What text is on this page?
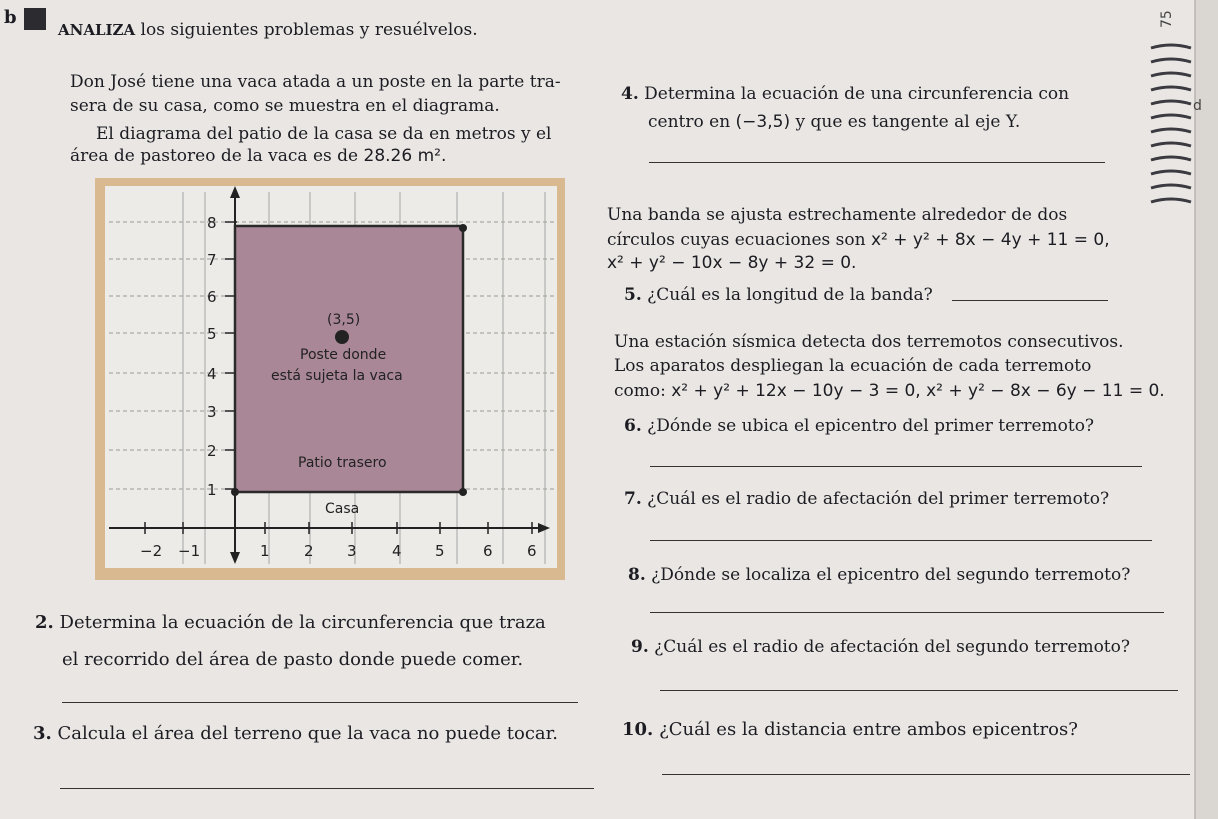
b
ANALIZA los siguientes problemas y resuélvelos.
Don José tiene una vaca atada a un poste en la parte tra-
sera de su casa, como se muestra en el diagrama.
El diagrama del patio de la casa se da en metros y el
área de pastoreo de la vaca es de 28.26 m².
(3,5)
Poste donde
está sujeta la vaca
Patio trasero
Casa
8
7
6
5
4
3
2
1
−2 −1	1 2 3 4 5	6 6
4. Determina la ecuación de una circunferencia con
centro en (−3,5) y que es tangente al eje Y.
Una banda se ajusta estrechamente alrededor de dos
círculos cuyas ecuaciones son x² + y² + 8x − 4y + 11 = 0,
x² + y² − 10x − 8y + 32 = 0.
5. ¿Cuál es la longitud de la banda?
Una estación sísmica detecta dos terremotos consecutivos.
Los aparatos despliegan la ecuación de cada terremoto
como: x² + y² + 12x − 10y − 3 = 0, x² + y² − 8x − 6y − 11 = 0.
6. ¿Dónde se ubica el epicentro del primer terremoto?
7. ¿Cuál es el radio de afectación del primer terremoto?
8. ¿Dónde se localiza el epicentro del segundo terremoto?
2. Determina la ecuación de la circunferencia que traza
el recorrido del área de pasto donde puede comer.
9. ¿Cuál es el radio de afectación del segundo terremoto?
3. Calcula el área del terreno que la vaca no puede tocar.	10. ¿Cuál es la distancia entre ambos epicentros?
75
d
